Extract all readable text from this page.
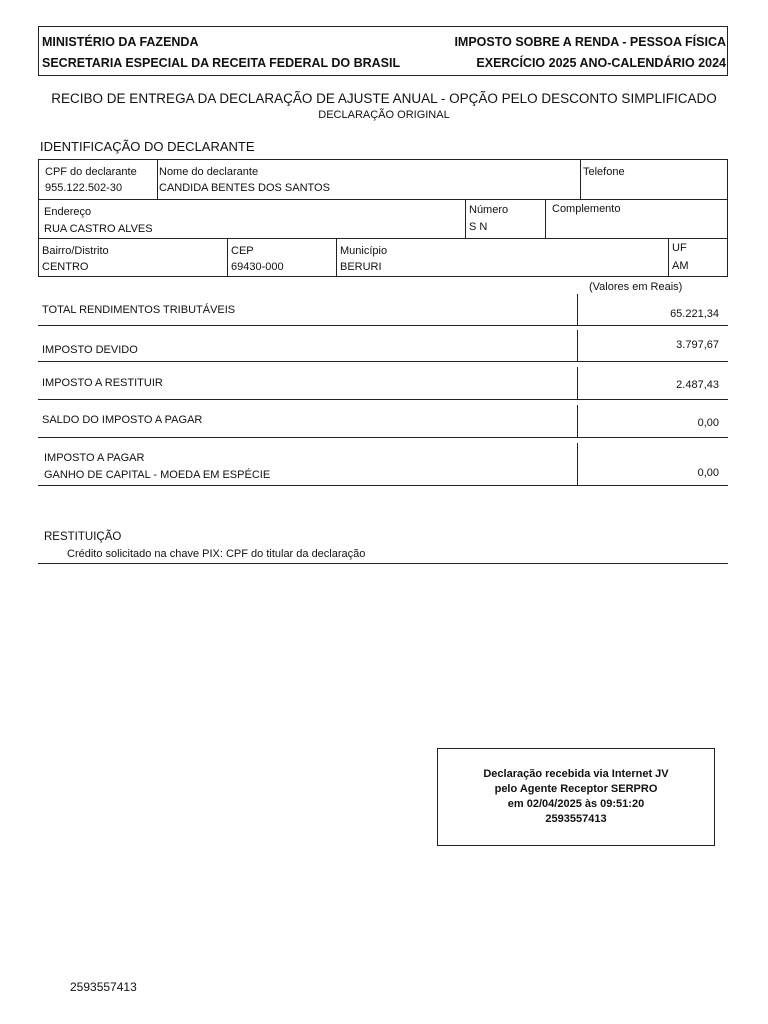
MINISTÉRIO DA FAZENDA
SECRETARIA ESPECIAL DA RECEITA FEDERAL DO BRASIL
IMPOSTO SOBRE A RENDA - PESSOA FÍSICA
EXERCÍCIO 2025 ANO-CALENDÁRIO 2024
RECIBO DE ENTREGA DA DECLARAÇÃO DE AJUSTE ANUAL - OPÇÃO PELO DESCONTO SIMPLIFICADO
DECLARAÇÃO ORIGINAL
IDENTIFICAÇÃO DO DECLARANTE
CPF do declarante
955.122.502-30
Nome do declarante
CANDIDA BENTES DOS SANTOS
Telefone
Endereço
RUA CASTRO ALVES
Número
S N
Complemento
Bairro/Distrito
CENTRO
CEP
69430-000
Município
BERURI
UF
AM
(Valores em Reais)
TOTAL RENDIMENTOS TRIBUTÁVEIS	65.221,34
IMPOSTO DEVIDO	3.797,67
IMPOSTO A RESTITUIR	2.487,43
SALDO DO IMPOSTO A PAGAR	0,00
IMPOSTO A PAGAR
GANHO DE CAPITAL - MOEDA EM ESPÉCIE	0,00
RESTITUIÇÃO
Crédito solicitado na chave PIX: CPF do titular da declaração
Declaração recebida via Internet JV
pelo Agente Receptor SERPRO
em 02/04/2025 às 09:51:20
2593557413
2593557413
